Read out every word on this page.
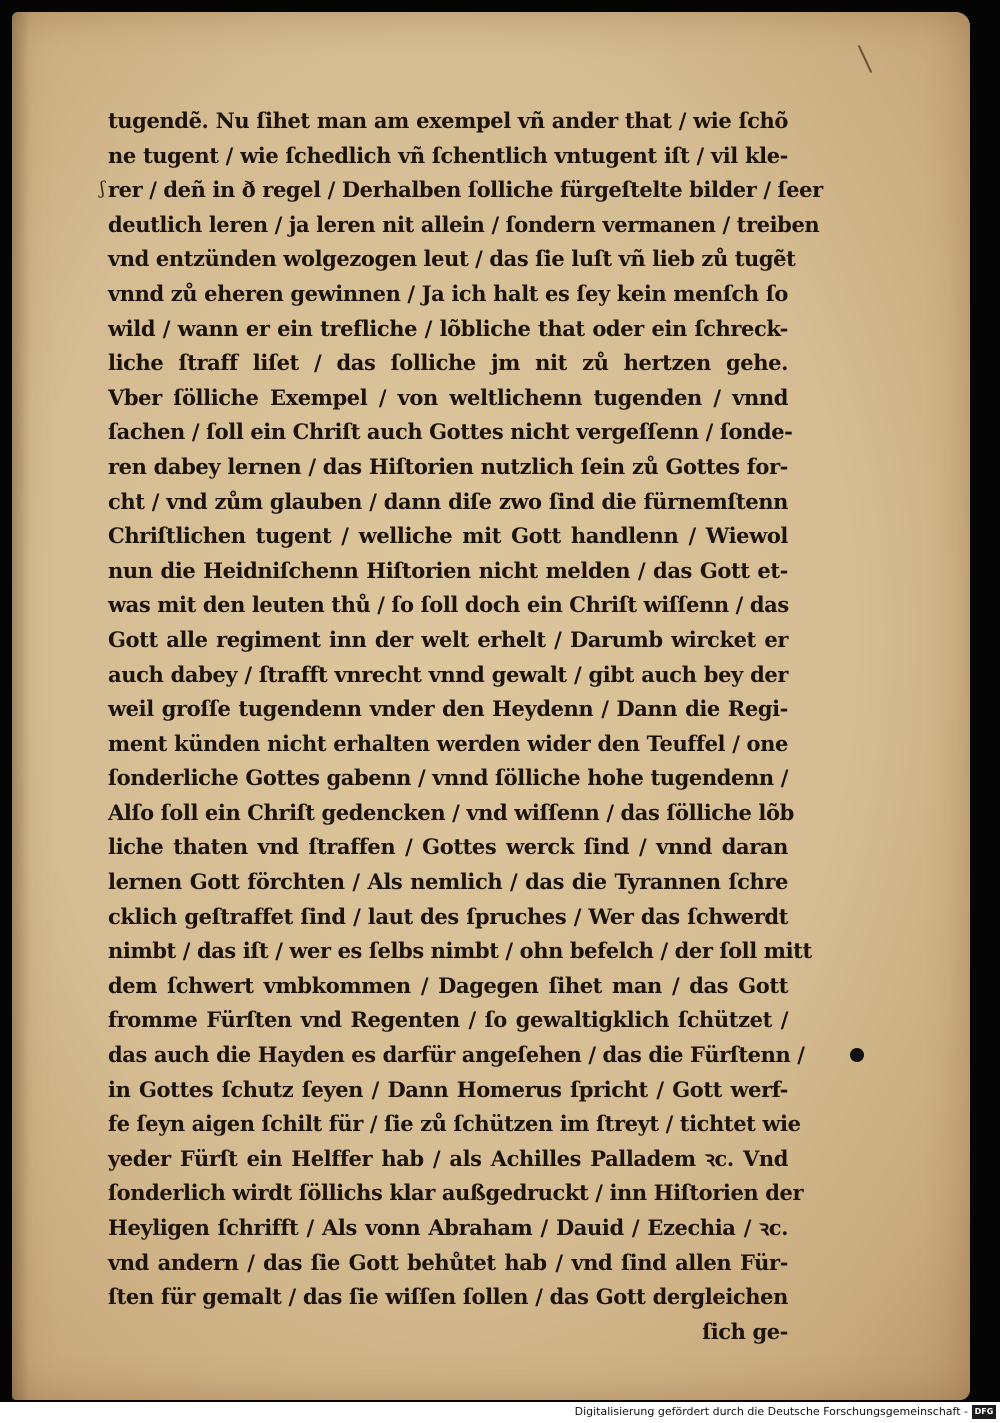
ʃ
tugendẽ. Nu ſihet man am exempel vñ ander that / wie ſchõ
ne tugent / wie ſchedlich vñ ſchentlich vntugent iſt / vil kle-
rer / deñ in ð regel / Derhalben ſolliche fürgeſtelte bilder / ſeer
deutlich leren / ja leren nit allein / ſondern vermanen / treiben
vnd entzünden wolgezogen leut / das ſie luſt vñ lieb zů tugẽt
vnnd zů eheren gewinnen / Ja ich halt es ſey kein menſch ſo
wild / wann er ein trefliche / lõbliche that oder ein ſchreck-
liche ſtraff liſet / das ſolliche jm nit zů hertzen gehe.
Vber ſölliche Exempel / von weltlichenn tugenden / vnnd
ſachen / ſoll ein Chriſt auch Gottes nicht vergeſſenn / ſonde-
ren dabey lernen / das Hiſtorien nutzlich ſein zů Gottes for-
cht / vnd zům glauben / dann diſe zwo ſind die fürnemſtenn
Chriſtlichen tugent / welliche mit Gott handlenn / Wiewol
nun die Heidniſchenn Hiſtorien nicht melden / das Gott et-
was mit den leuten thů / ſo ſoll doch ein Chriſt wiſſenn / das
Gott alle regiment inn der welt erhelt / Darumb wircket er
auch dabey / ſtrafft vnrecht vnnd gewalt / gibt auch bey der
weil groſſe tugendenn vnder den Heydenn / Dann die Regi-
ment künden nicht erhalten werden wider den Teuffel / one
ſonderliche Gottes gabenn / vnnd ſölliche hohe tugendenn /
Alſo ſoll ein Chriſt gedencken / vnd wiſſenn / das ſölliche lõb
liche thaten vnd ſtraffen / Gottes werck ſind / vnnd daran
lernen Gott förchten / Als nemlich / das die Tyrannen ſchre
cklich geſtraffet ſind / laut des ſpruches / Wer das ſchwerdt
nimbt / das iſt / wer es ſelbs nimbt / ohn befelch / der ſoll mitt
dem ſchwert vmbkommen / Dagegen ſihet man / das Gott
fromme Fürſten vnd Regenten / ſo gewaltigklich ſchützet /
das auch die Hayden es darfür angeſehen / das die Fürſtenn /
in Gottes ſchutz ſeyen / Dann Homerus ſpricht / Gott werf-
fe ſeyn aigen ſchilt für / ſie zů ſchützen im ſtreyt / tichtet wie
yeder Fürſt ein Helffer hab / als Achilles Palladem ꝛc. Vnd
ſonderlich wirdt ſöllichs klar außgedruckt / inn Hiſtorien der
Heyligen ſchrifft / Als vonn Abraham / Dauid / Ezechia / ꝛc.
vnd andern / das ſie Gott behůtet hab / vnd ſind allen Für-
ſten für gemalt / das ſie wiſſen ſollen / das Gott dergleichen
ſich ge-
Digitalisierung gefördert durch die Deutsche Forschungsgemeinschaft - DFG
